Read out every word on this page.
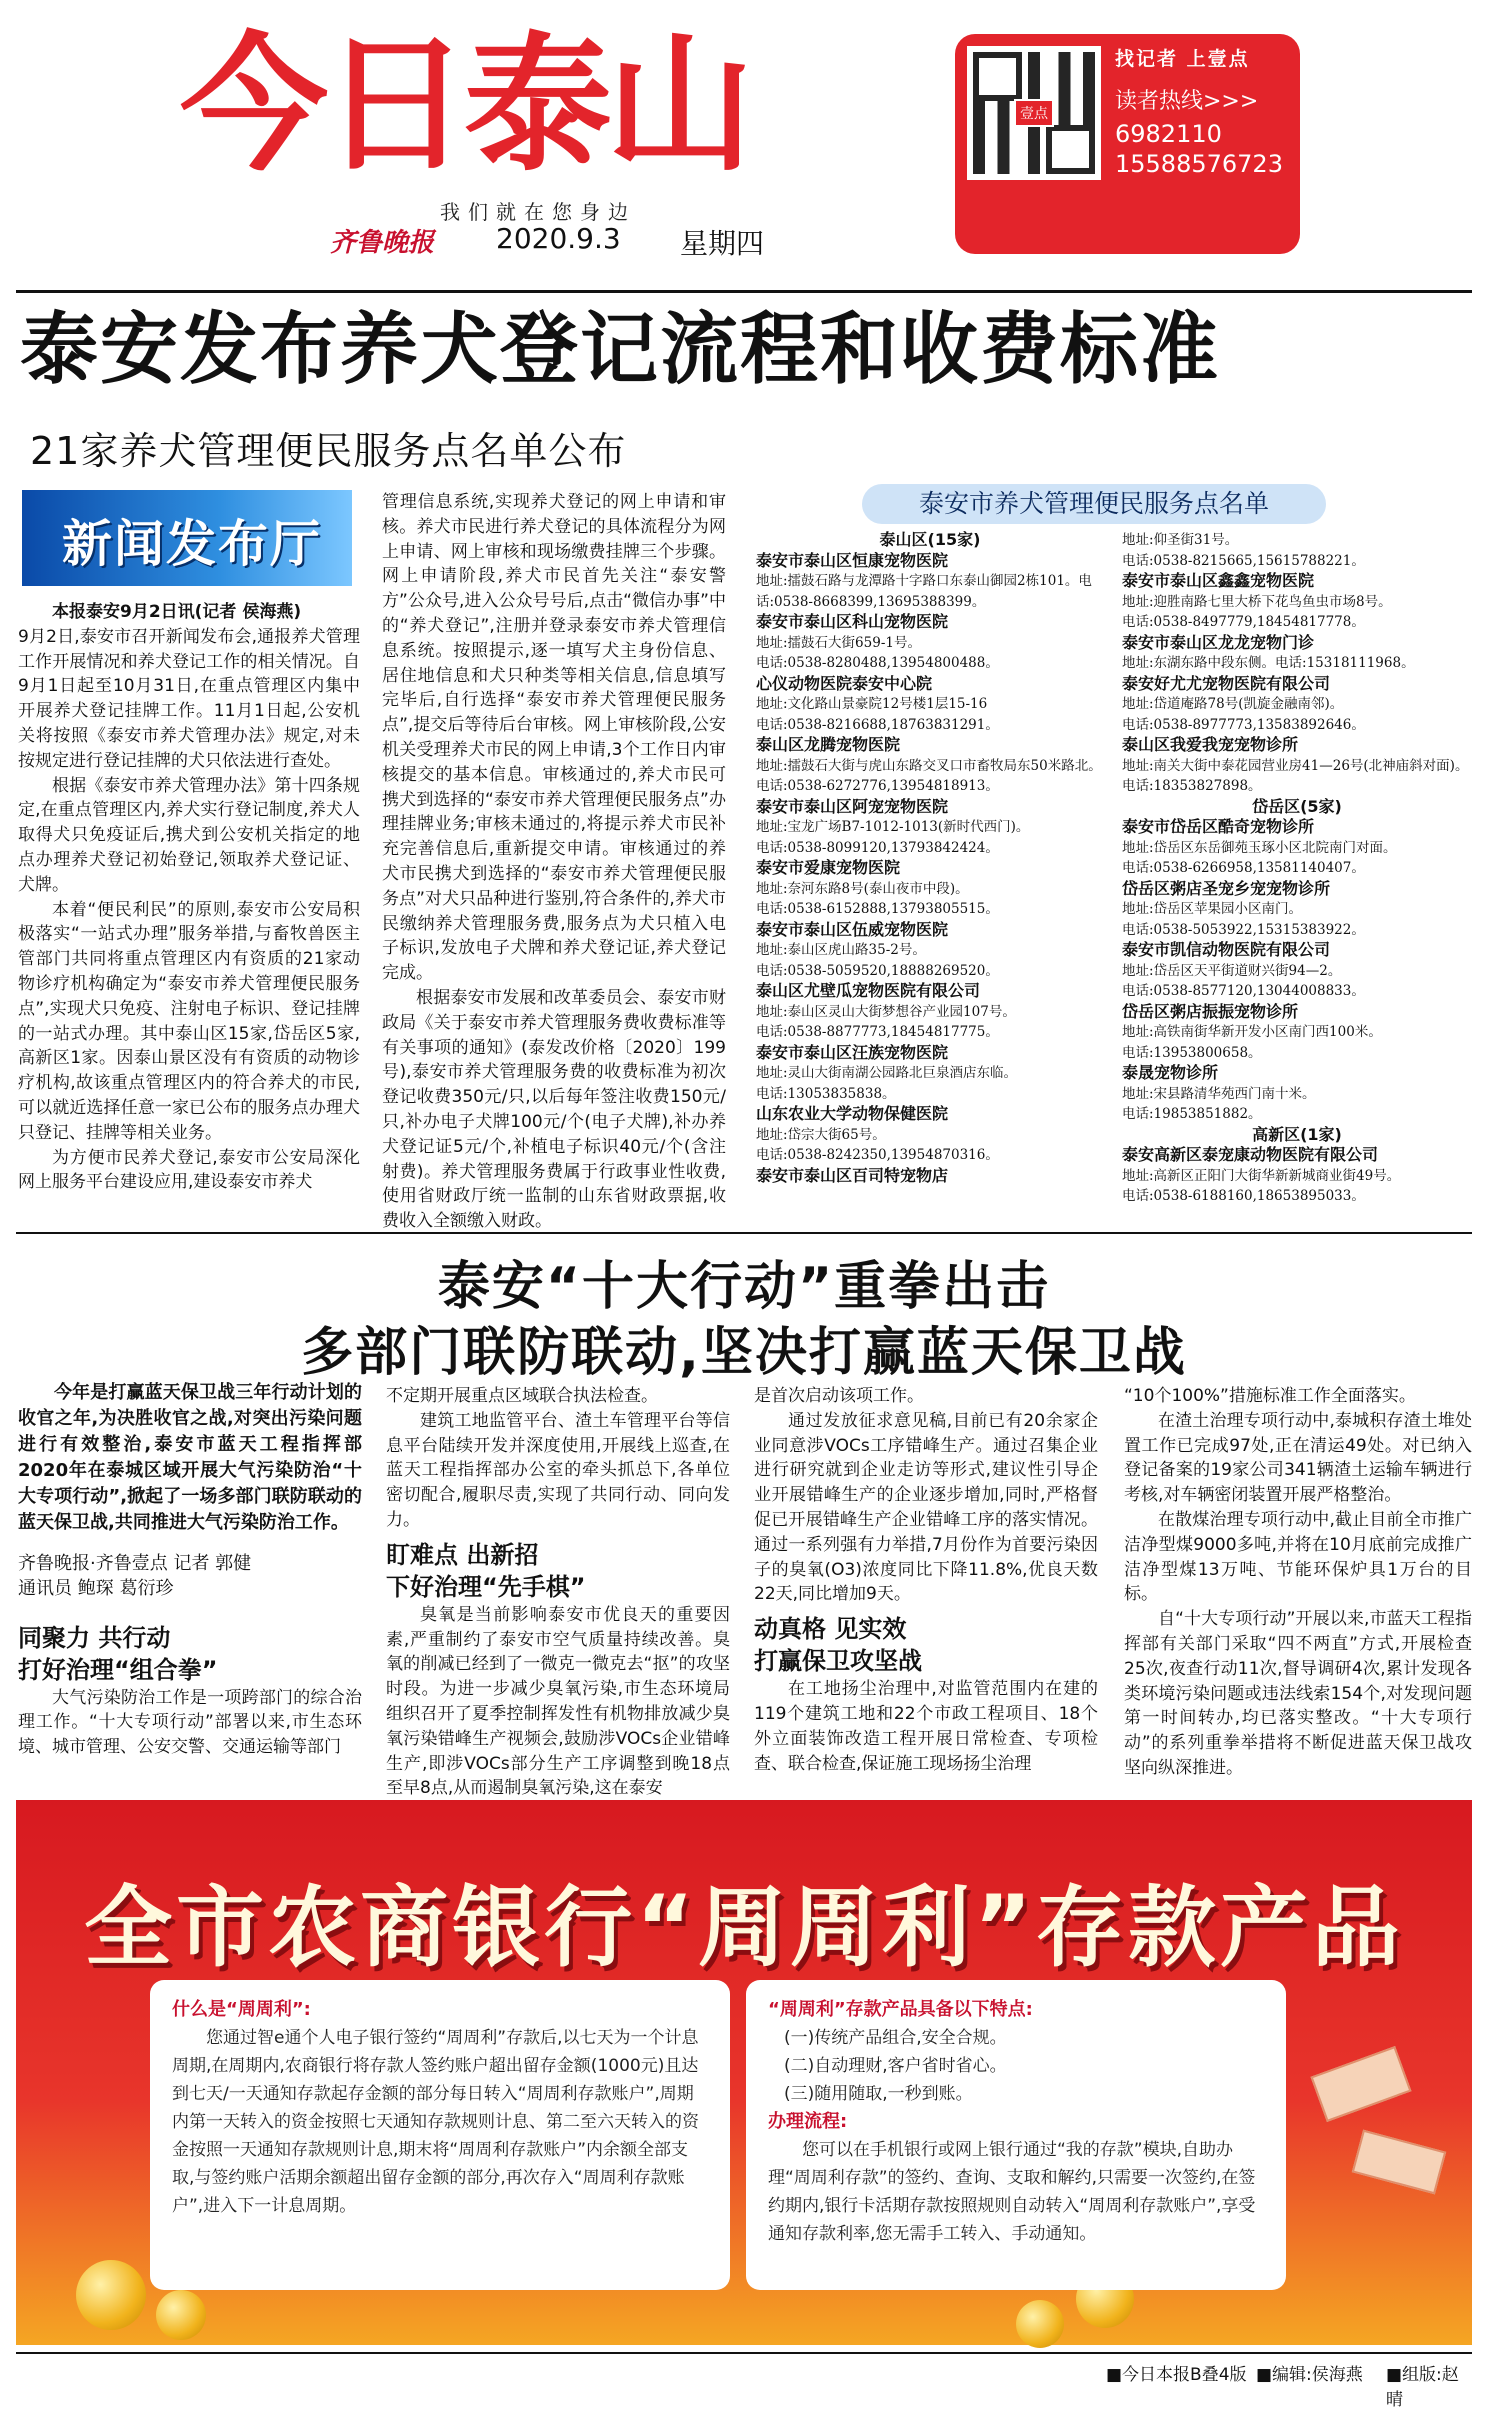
今日泰山
我们就在您身边
齐鲁晚报 2020.9.3 星期四
壹点
找记者 上壹点
读者热线>>>
6982110
15588576723
泰安发布养犬登记流程和收费标准
21家养犬管理便民服务点名单公布
新闻发布厅

本报泰安9月2日讯(记者 侯海燕)

9月2日,泰安市召开新闻发布会,通报养犬管理工作开展情况和养犬登记工作的相关情况。自9月1日起至10月31日,在重点管理区内集中开展养犬登记挂牌工作。11月1日起,公安机关将按照《泰安市养犬管理办法》规定,对未按规定进行登记挂牌的犬只依法进行查处。

根据《泰安市养犬管理办法》第十四条规定,在重点管理区内,养犬实行登记制度,养犬人取得犬只免疫证后,携犬到公安机关指定的地点办理养犬登记初始登记,领取养犬登记证、犬牌。

本着“便民利民”的原则,泰安市公安局积极落实“一站式办理”服务举措,与畜牧兽医主管部门共同将重点管理区内有资质的21家动物诊疗机构确定为“泰安市养犬管理便民服务点”,实现犬只免疫、注射电子标识、登记挂牌的一站式办理。其中泰山区15家,岱岳区5家,高新区1家。因泰山景区没有有资质的动物诊疗机构,故该重点管理区内的符合养犬的市民,可以就近选择任意一家已公布的服务点办理犬只登记、挂牌等相关业务。

为方便市民养犬登记,泰安市公安局深化网上服务平台建设应用,建设泰安市养犬

管理信息系统,实现养犬登记的网上申请和审核。养犬市民进行养犬登记的具体流程分为网上申请、网上审核和现场缴费挂牌三个步骤。网上申请阶段,养犬市民首先关注“泰安警方”公众号,进入公众号号后,点击“微信办事”中的“养犬登记”,注册并登录泰安市养犬管理信息系统。按照提示,逐一填写犬主身份信息、居住地信息和犬只种类等相关信息,信息填写完毕后,自行选择“泰安市养犬管理便民服务点”,提交后等待后台审核。网上审核阶段,公安机关受理养犬市民的网上申请,3个工作日内审核提交的基本信息。审核通过的,养犬市民可携犬到选择的“泰安市养犬管理便民服务点”办理挂牌业务;审核未通过的,将提示养犬市民补充完善信息后,重新提交申请。审核通过的养犬市民携犬到选择的“泰安市养犬管理便民服务点”对犬只品种进行鉴别,符合条件的,养犬市民缴纳养犬管理服务费,服务点为犬只植入电子标识,发放电子犬牌和养犬登记证,养犬登记完成。

根据泰安市发展和改革委员会、泰安市财政局《关于泰安市养犬管理服务费收费标准等有关事项的通知》(泰发改价格〔2020〕199号),泰安市养犬管理服务费的收费标准为初次登记收费350元/只,以后每年签注收费150元/只,补办电子犬牌100元/个(电子犬牌),补办养犬登记证5元/个,补植电子标识40元/个(含注射费)。养犬管理服务费属于行政事业性收费,使用省财政厅统一监制的山东省财政票据,收费收入全额缴入财政。

泰安市养犬管理便民服务点名单
泰山区(15家)
泰安市泰山区恒康宠物医院
地址:擂鼓石路与龙潭路十字路口东泰山御园2栋101。电话:0538-8668399,13695388399。
泰安市泰山区科山宠物医院
地址:擂鼓石大街659-1号。
电话:0538-8280488,13954800488。
心仪动物医院泰安中心院
地址:文化路山景豪院12号楼1层15-16
电话:0538-8216688,18763831291。
泰山区龙腾宠物医院
地址:擂鼓石大街与虎山东路交叉口市畜牧局东50米路北。电话:0538-6272776,13954818913。
泰安市泰山区阿宠宠物医院
地址:宝龙广场B7-1012-1013(新时代西门)。
电话:0538-8099120,13793842424。
泰安市爱康宠物医院
地址:奈河东路8号(泰山夜市中段)。
电话:0538-6152888,13793805515。
泰安市泰山区伍威宠物医院
地址:泰山区虎山路35-2号。
电话:0538-5059520,18888269520。
泰山区尤壁瓜宠物医院有限公司
地址:泰山区灵山大街梦想谷产业园107号。
电话:0538-8877773,18454817775。
泰安市泰山区汪族宠物医院
地址:灵山大街南湖公园路北巨泉酒店东临。
电话:13053835838。
山东农业大学动物保健医院
地址:岱宗大街65号。
电话:0538-8242350,13954870316。
泰安市泰山区百司特宠物店
地址:仰圣街31号。
电话:0538-8215665,15615788221。
泰安市泰山区鑫鑫宠物医院
地址:迎胜南路七里大桥下花鸟鱼虫市场8号。
电话:0538-8497779,18454817778。
泰安市泰山区龙龙宠物门诊
地址:东湖东路中段东侧。电话:15318111968。
泰安好尤尤宠物医院有限公司
地址:岱道庵路78号(凯旋金融南邻)。
电话:0538-8977773,13583892646。
泰山区我爱我宠宠物诊所
地址:南关大街中泰花园营业房41—26号(北神庙斜对面)。电话:18353827898。
岱岳区(5家)
泰安市岱岳区酷奇宠物诊所
地址:岱岳区东岳御苑玉琢小区北院南门对面。
电话:0538-6266958,13581140407。
岱岳区粥店圣宠乡宠宠物诊所
地址:岱岳区苹果园小区南门。
电话:0538-5053922,15315383922。
泰安市凯信动物医院有限公司
地址:岱岳区天平街道财兴街94—2。
电话:0538-8577120,13044008833。
岱岳区粥店振振宠物诊所
地址:高铁南街华新开发小区南门西100米。
电话:13953800658。
泰晟宠物诊所
地址:宋县路清华苑西门南十米。
电话:19853851882。
高新区(1家)
泰安高新区泰宠康动物医院有限公司
地址:高新区正阳门大街华新新城商业街49号。
电话:0538-6188160,18653895033。
泰安“十大行动”重拳出击
多部门联防联动,坚决打赢蓝天保卫战

今年是打赢蓝天保卫战三年行动计划的收官之年,为决胜收官之战,对突出污染问题进行有效整治,泰安市蓝天工程指挥部2020年在泰城区域开展大气污染防治“十大专项行动”,掀起了一场多部门联防联动的蓝天保卫战,共同推进大气污染防治工作。

齐鲁晚报·齐鲁壹点 记者 郭健

通讯员 鲍琛 葛衍珍

同聚力 共行动

打好治理“组合拳”

大气污染防治工作是一项跨部门的综合治理工作。“十大专项行动”部署以来,市生态环境、城市管理、公安交警、交通运输等部门

不定期开展重点区域联合执法检查。

建筑工地监管平台、渣土车管理平台等信息平台陆续开发并深度使用,开展线上巡查,在蓝天工程指挥部办公室的牵头抓总下,各单位密切配合,履职尽责,实现了共同行动、同向发力。

盯难点 出新招

下好治理“先手棋”

臭氧是当前影响泰安市优良天的重要因素,严重制约了泰安市空气质量持续改善。臭氧的削减已经到了一微克一微克去“抠”的攻坚时段。为进一步减少臭氧污染,市生态环境局组织召开了夏季控制挥发性有机物排放减少臭氧污染错峰生产视频会,鼓励涉VOCs企业错峰生产,即涉VOCs部分生产工序调整到晚18点至早8点,从而遏制臭氧污染,这在泰安

是首次启动该项工作。

通过发放征求意见稿,目前已有20余家企业同意涉VOCs工序错峰生产。通过召集企业进行研究就到企业走访等形式,建议性引导企业开展错峰生产的企业逐步增加,同时,严格督促已开展错峰生产企业错峰工序的落实情况。通过一系列强有力举措,7月份作为首要污染因子的臭氧(O3)浓度同比下降11.8%,优良天数22天,同比增加9天。

动真格 见实效

打赢保卫攻坚战

在工地扬尘治理中,对监管范围内在建的119个建筑工地和22个市政工程项目、18个外立面装饰改造工程开展日常检查、专项检查、联合检查,保证施工现场扬尘治理

“10个100%”措施标准工作全面落实。

在渣土治理专项行动中,泰城积存渣土堆处置工作已完成97处,正在清运49处。对已纳入登记备案的19家公司341辆渣土运输车辆进行考核,对车辆密闭装置开展严格整治。

在散煤治理专项行动中,截止目前全市推广洁净型煤9000多吨,并将在10月底前完成推广洁净型煤13万吨、节能环保炉具1万台的目标。

自“十大专项行动”开展以来,市蓝天工程指挥部有关部门采取“四不两直”方式,开展检查25次,夜查行动11次,督导调研4次,累计发现各类环境污染问题或违法线索154个,对发现问题第一时间转办,均已落实整改。“十大专项行动”的系列重拳举措将不断促进蓝天保卫战攻坚向纵深推进。

全市农商银行“周周利”存款产品
什么是“周周利”:

您通过智e通个人电子银行签约“周周利”存款后,以七天为一个计息周期,在周期内,农商银行将存款人签约账户超出留存金额(1000元)且达到七天/一天通知存款起存金额的部分每日转入“周周利存款账户”,周期内第一天转入的资金按照七天通知存款规则计息、第二至六天转入的资金按照一天通知存款规则计息,期末将“周周利存款账户”内余额全部支取,与签约账户活期余额超出留存金额的部分,再次存入“周周利存款账户”,进入下一计息周期。

“周周利”存款产品具备以下特点:
(一)传统产品组合,安全合规。
(二)自动理财,客户省时省心。
(三)随用随取,一秒到账。
办理流程:

您可以在手机银行或网上银行通过“我的存款”模块,自助办理“周周利存款”的签约、查询、支取和解约,只需要一次签约,在签约期内,银行卡活期存款按照规则自动转入“周周利存款账户”,享受通知存款利率,您无需手工转入、手动通知。

■今日本报B叠4版 ■编辑:侯海燕 ■组版:赵晴
